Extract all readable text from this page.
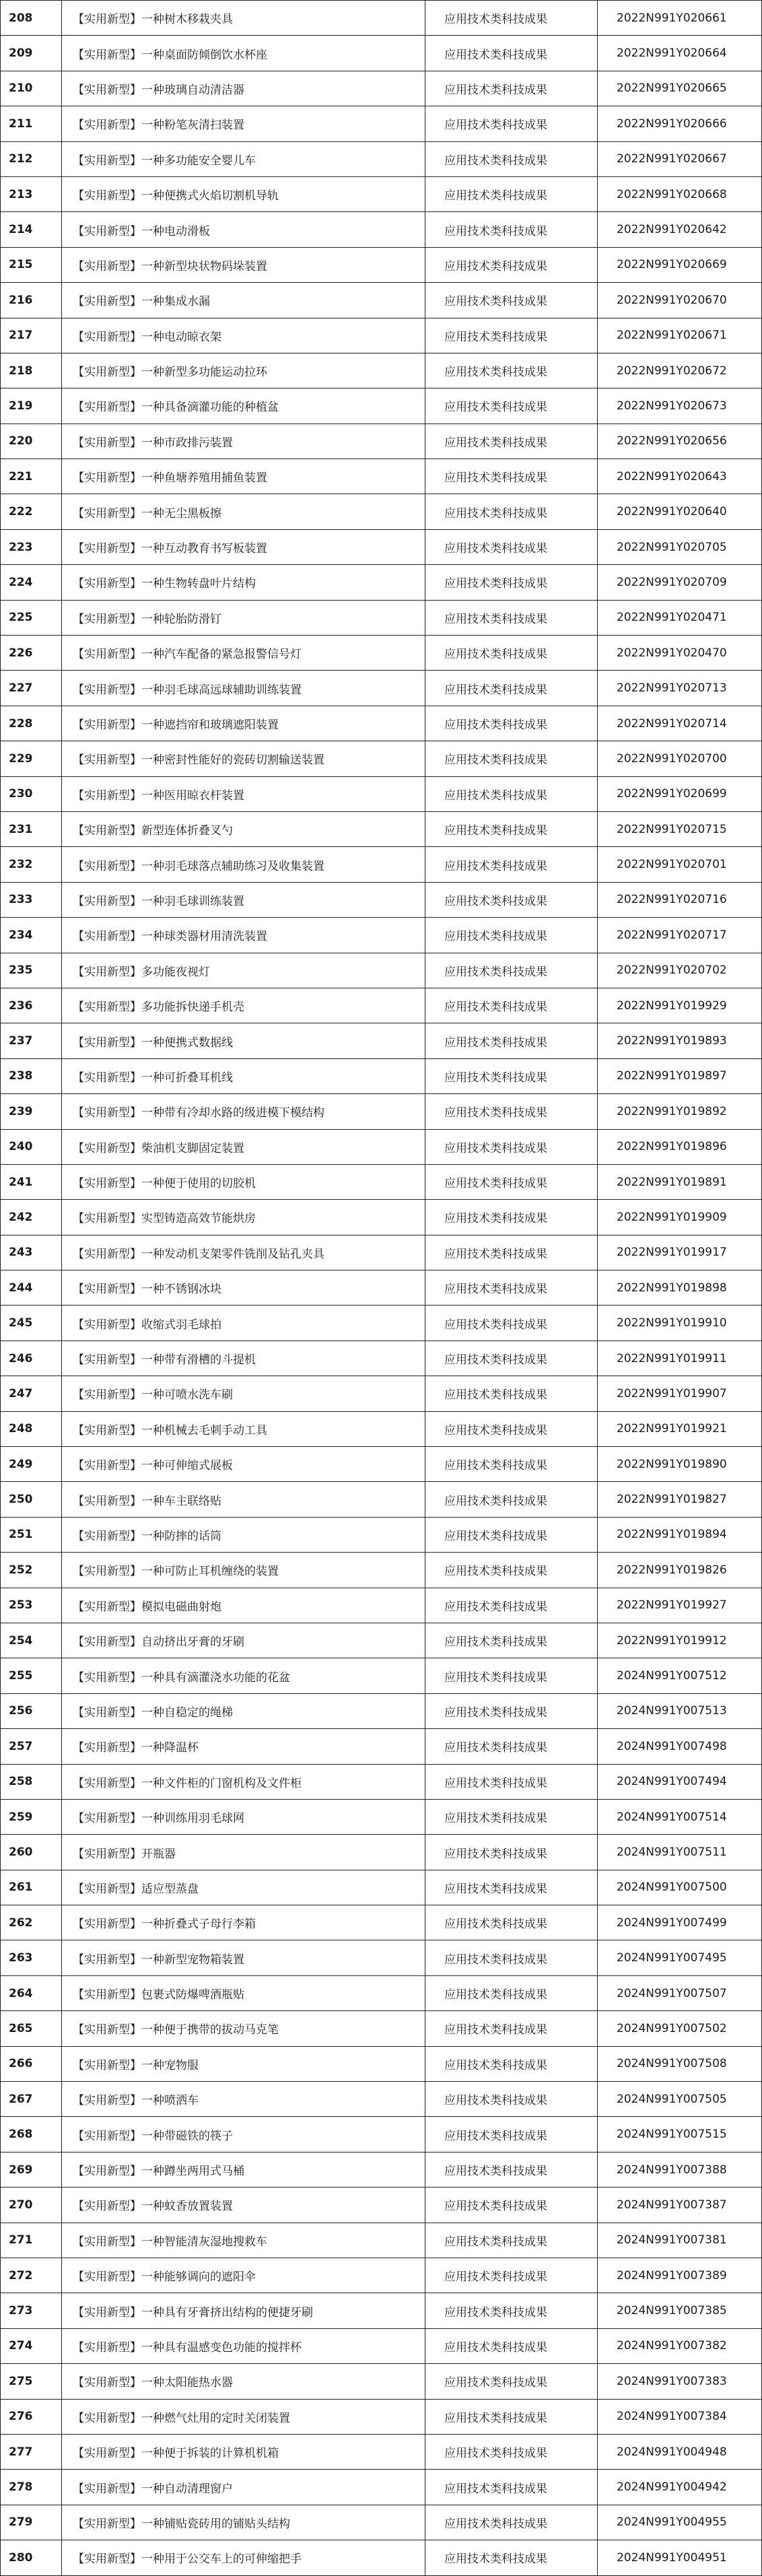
208	【实用新型】一种树木移栽夹具	应用技术类科技成果	2022N991Y020661
209	【实用新型】一种桌面防倾倒饮水杯座	应用技术类科技成果	2022N991Y020664
210	【实用新型】一种玻璃自动清洁器	应用技术类科技成果	2022N991Y020665
211	【实用新型】一种粉笔灰清扫装置	应用技术类科技成果	2022N991Y020666
212	【实用新型】一种多功能安全婴儿车	应用技术类科技成果	2022N991Y020667
213	【实用新型】一种便携式火焰切割机导轨	应用技术类科技成果	2022N991Y020668
214	【实用新型】一种电动滑板	应用技术类科技成果	2022N991Y020642
215	【实用新型】一种新型块状物码垛装置	应用技术类科技成果	2022N991Y020669
216	【实用新型】一种集成水漏	应用技术类科技成果	2022N991Y020670
217	【实用新型】一种电动晾衣架	应用技术类科技成果	2022N991Y020671
218	【实用新型】一种新型多功能运动拉环	应用技术类科技成果	2022N991Y020672
219	【实用新型】一种具备滴灌功能的种植盆	应用技术类科技成果	2022N991Y020673
220	【实用新型】一种市政排污装置	应用技术类科技成果	2022N991Y020656
221	【实用新型】一种鱼塘养殖用捕鱼装置	应用技术类科技成果	2022N991Y020643
222	【实用新型】一种无尘黑板擦	应用技术类科技成果	2022N991Y020640
223	【实用新型】一种互动教育书写板装置	应用技术类科技成果	2022N991Y020705
224	【实用新型】一种生物转盘叶片结构	应用技术类科技成果	2022N991Y020709
225	【实用新型】一种轮胎防滑钉	应用技术类科技成果	2022N991Y020471
226	【实用新型】一种汽车配备的紧急报警信号灯	应用技术类科技成果	2022N991Y020470
227	【实用新型】一种羽毛球高远球辅助训练装置	应用技术类科技成果	2022N991Y020713
228	【实用新型】一种遮挡帘和玻璃遮阳装置	应用技术类科技成果	2022N991Y020714
229	【实用新型】一种密封性能好的瓷砖切割输送装置	应用技术类科技成果	2022N991Y020700
230	【实用新型】一种医用晾衣杆装置	应用技术类科技成果	2022N991Y020699
231	【实用新型】新型连体折叠叉勺	应用技术类科技成果	2022N991Y020715
232	【实用新型】一种羽毛球落点辅助练习及收集装置	应用技术类科技成果	2022N991Y020701
233	【实用新型】一种羽毛球训练装置	应用技术类科技成果	2022N991Y020716
234	【实用新型】一种球类器材用清洗装置	应用技术类科技成果	2022N991Y020717
235	【实用新型】多功能夜视灯	应用技术类科技成果	2022N991Y020702
236	【实用新型】多功能拆快递手机壳	应用技术类科技成果	2022N991Y019929
237	【实用新型】一种便携式数据线	应用技术类科技成果	2022N991Y019893
238	【实用新型】一种可折叠耳机线	应用技术类科技成果	2022N991Y019897
239	【实用新型】一种带有冷却水路的级进模下模结构	应用技术类科技成果	2022N991Y019892
240	【实用新型】柴油机支脚固定装置	应用技术类科技成果	2022N991Y019896
241	【实用新型】一种便于使用的切胶机	应用技术类科技成果	2022N991Y019891
242	【实用新型】实型铸造高效节能烘房	应用技术类科技成果	2022N991Y019909
243	【实用新型】一种发动机支架零件铣削及钻孔夹具	应用技术类科技成果	2022N991Y019917
244	【实用新型】一种不锈钢冰块	应用技术类科技成果	2022N991Y019898
245	【实用新型】收缩式羽毛球拍	应用技术类科技成果	2022N991Y019910
246	【实用新型】一种带有滑槽的斗提机	应用技术类科技成果	2022N991Y019911
247	【实用新型】一种可喷水洗车刷	应用技术类科技成果	2022N991Y019907
248	【实用新型】一种机械去毛刺手动工具	应用技术类科技成果	2022N991Y019921
249	【实用新型】一种可伸缩式展板	应用技术类科技成果	2022N991Y019890
250	【实用新型】一种车主联络贴	应用技术类科技成果	2022N991Y019827
251	【实用新型】一种防摔的话筒	应用技术类科技成果	2022N991Y019894
252	【实用新型】一种可防止耳机缠绕的装置	应用技术类科技成果	2022N991Y019826
253	【实用新型】模拟电磁曲射炮	应用技术类科技成果	2022N991Y019927
254	【实用新型】自动挤出牙膏的牙刷	应用技术类科技成果	2022N991Y019912
255	【实用新型】一种具有滴灌浇水功能的花盆	应用技术类科技成果	2024N991Y007512
256	【实用新型】一种自稳定的绳梯	应用技术类科技成果	2024N991Y007513
257	【实用新型】一种降温杯	应用技术类科技成果	2024N991Y007498
258	【实用新型】一种文件柜的门窗机构及文件柜	应用技术类科技成果	2024N991Y007494
259	【实用新型】一种训练用羽毛球网	应用技术类科技成果	2024N991Y007514
260	【实用新型】开瓶器	应用技术类科技成果	2024N991Y007511
261	【实用新型】适应型蒸盘	应用技术类科技成果	2024N991Y007500
262	【实用新型】一种折叠式子母行李箱	应用技术类科技成果	2024N991Y007499
263	【实用新型】一种新型宠物箱装置	应用技术类科技成果	2024N991Y007495
264	【实用新型】包裹式防爆啤酒瓶贴	应用技术类科技成果	2024N991Y007507
265	【实用新型】一种便于携带的拔动马克笔	应用技术类科技成果	2024N991Y007502
266	【实用新型】一种宠物服	应用技术类科技成果	2024N991Y007508
267	【实用新型】一种喷洒车	应用技术类科技成果	2024N991Y007505
268	【实用新型】一种带磁铁的筷子	应用技术类科技成果	2024N991Y007515
269	【实用新型】一种蹲坐两用式马桶	应用技术类科技成果	2024N991Y007388
270	【实用新型】一种蚊香放置装置	应用技术类科技成果	2024N991Y007387
271	【实用新型】一种智能清灰湿地搜救车	应用技术类科技成果	2024N991Y007381
272	【实用新型】一种能够调向的遮阳伞	应用技术类科技成果	2024N991Y007389
273	【实用新型】一种具有牙膏挤出结构的便捷牙刷	应用技术类科技成果	2024N991Y007385
274	【实用新型】一种具有温感变色功能的搅拌杯	应用技术类科技成果	2024N991Y007382
275	【实用新型】一种太阳能热水器	应用技术类科技成果	2024N991Y007383
276	【实用新型】一种燃气灶用的定时关闭装置	应用技术类科技成果	2024N991Y007384
277	【实用新型】一种便于拆装的计算机机箱	应用技术类科技成果	2024N991Y004948
278	【实用新型】一种自动清理窗户	应用技术类科技成果	2024N991Y004942
279	【实用新型】一种铺贴瓷砖用的铺贴头结构	应用技术类科技成果	2024N991Y004955
280	【实用新型】一种用于公交车上的可伸缩把手	应用技术类科技成果	2024N991Y004951
